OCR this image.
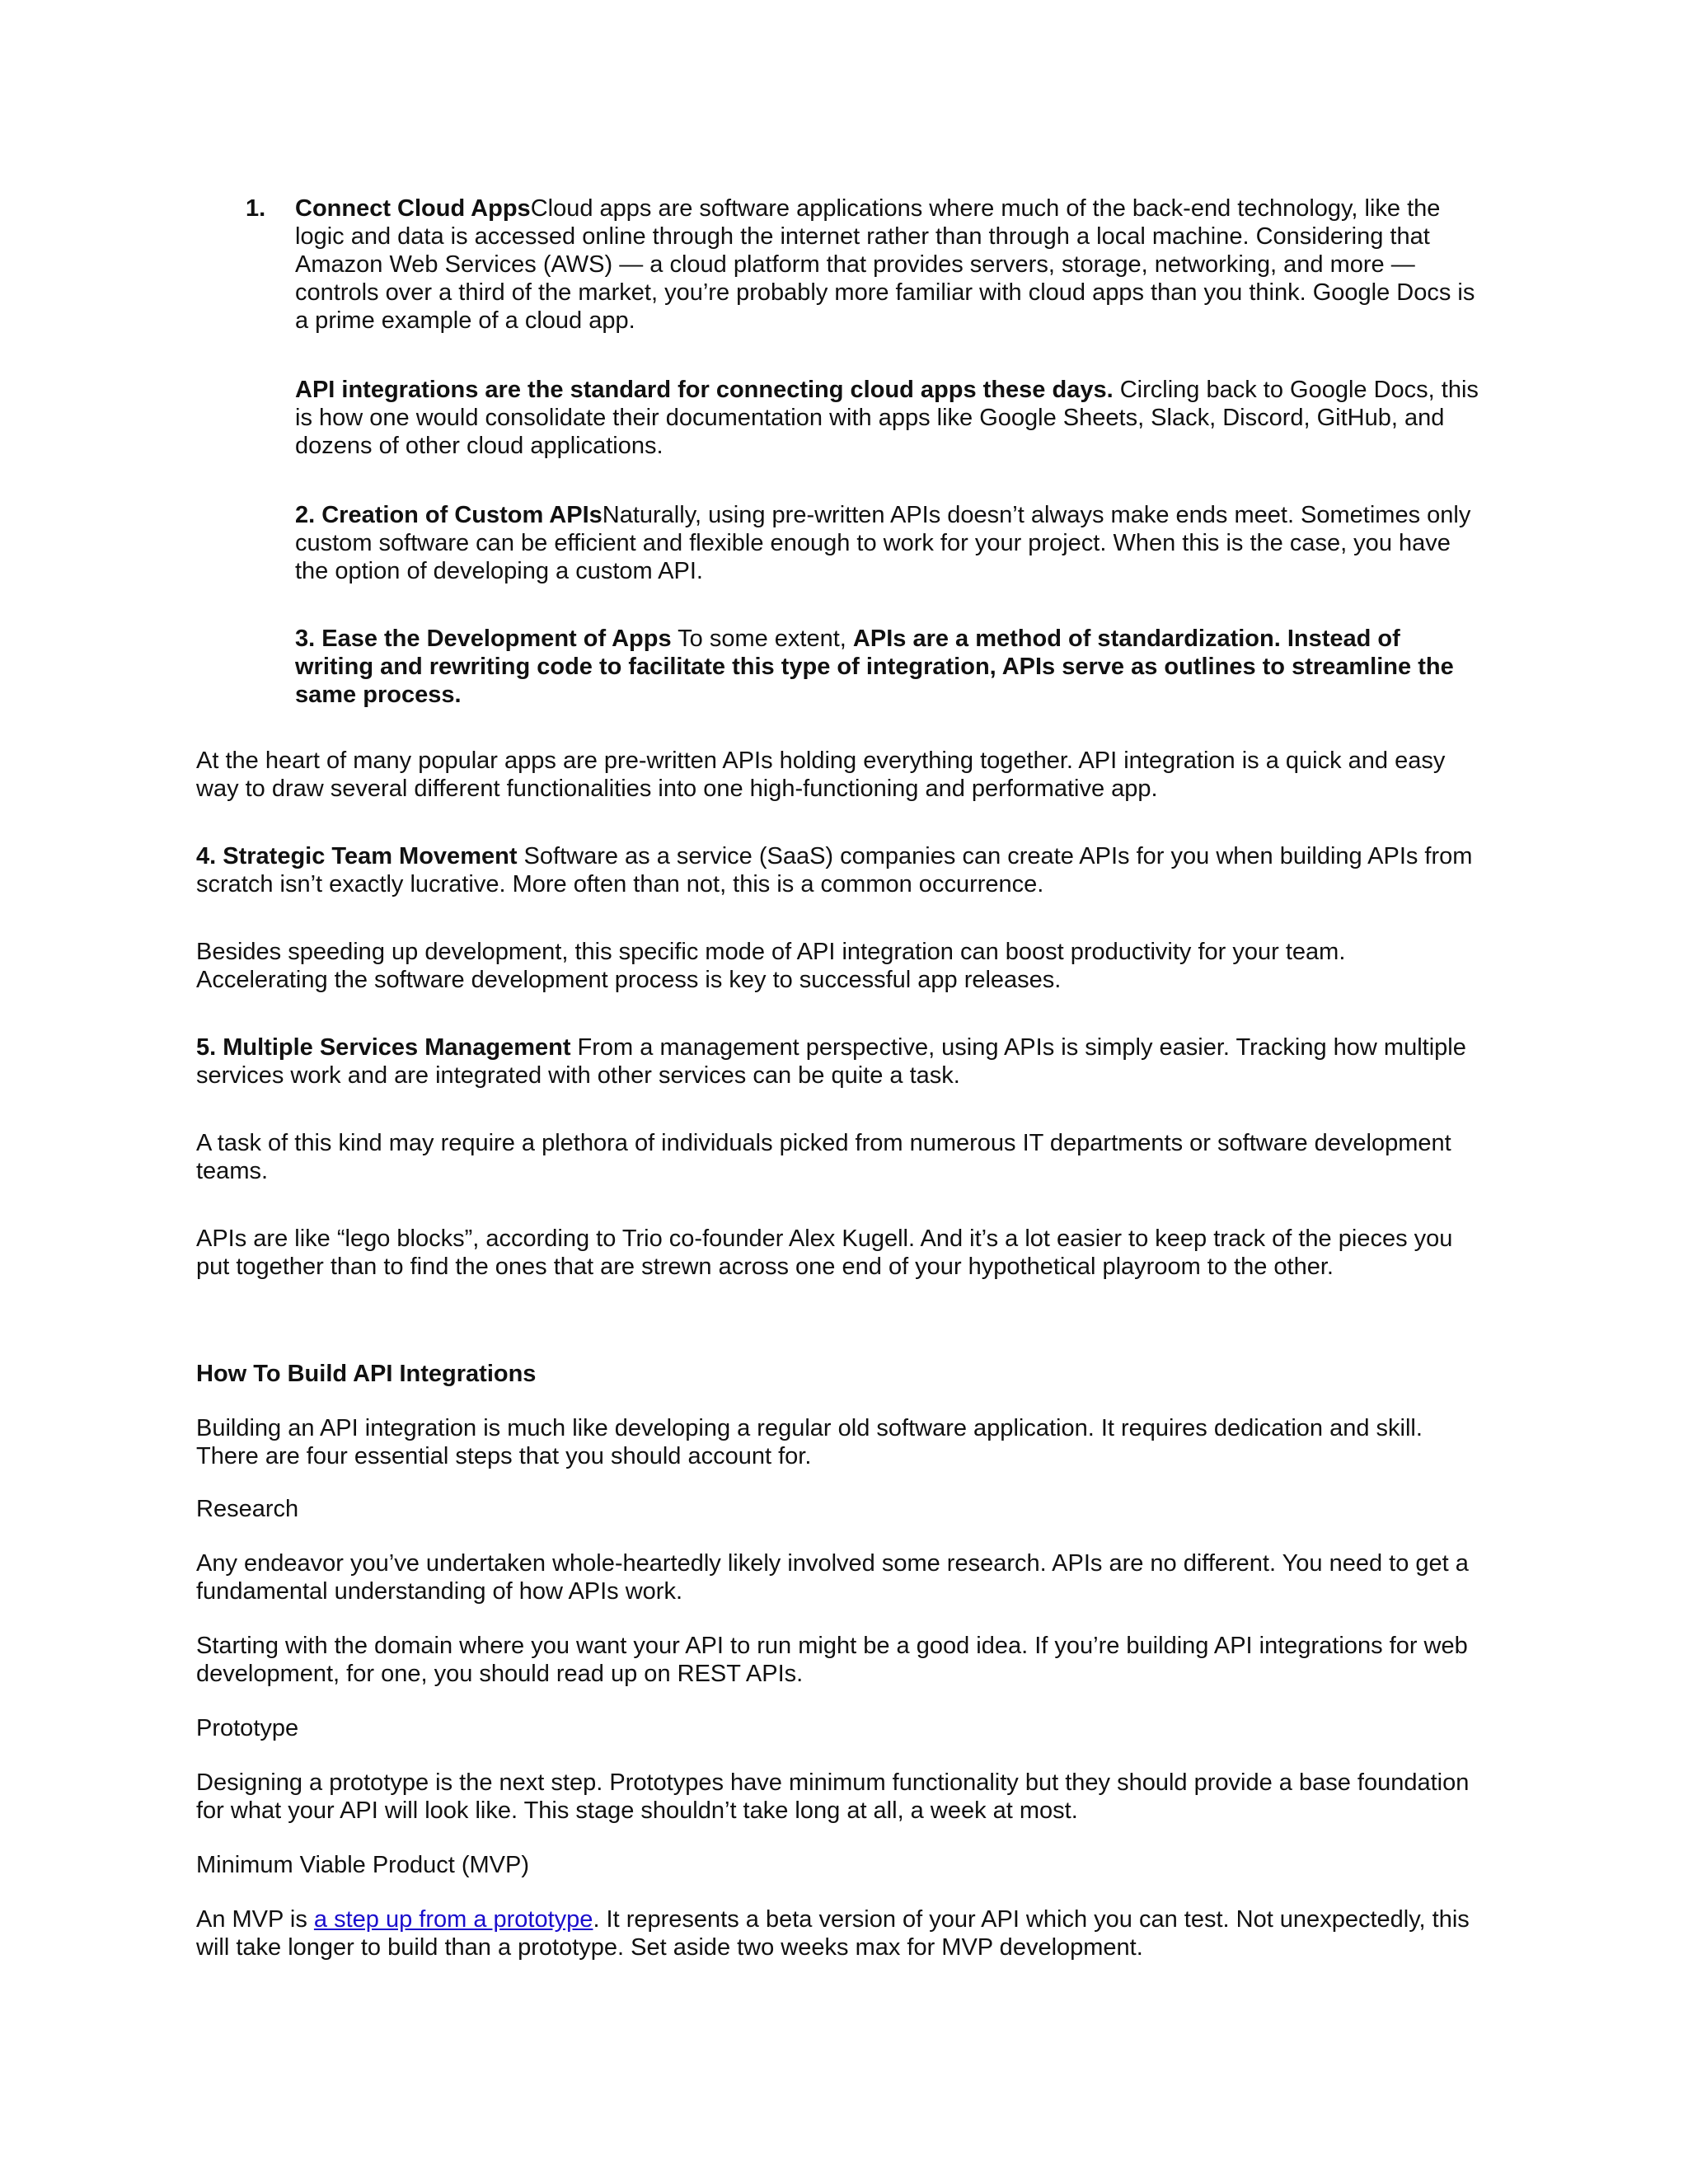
1. Connect Cloud AppsCloud apps are software applications where much of the back-end technology, like the logic and data is accessed online through the internet rather than through a local machine. Considering that Amazon Web Services (AWS) — a cloud platform that provides servers, storage, networking, and more — controls over a third of the market, you’re probably more familiar with cloud apps than you think. Google Docs is a prime example of a cloud app.

API integrations are the standard for connecting cloud apps these days. Circling back to Google Docs, this is how one would consolidate their documentation with apps like Google Sheets, Slack, Discord, GitHub, and dozens of other cloud applications.

2. Creation of Custom APIsNaturally, using pre-written APIs doesn’t always make ends meet. Sometimes only custom software can be efficient and flexible enough to work for your project. When this is the case, you have the option of developing a custom API.

3. Ease the Development of Apps To some extent, APIs are a method of standardization. Instead of writing and rewriting code to facilitate this type of integration, APIs serve as outlines to streamline the same process.

At the heart of many popular apps are pre-written APIs holding everything together. API integration is a quick and easy way to draw several different functionalities into one high-functioning and performative app.

4. Strategic Team Movement Software as a service (SaaS) companies can create APIs for you when building APIs from scratch isn’t exactly lucrative. More often than not, this is a common occurrence.

Besides speeding up development, this specific mode of API integration can boost productivity for your team. Accelerating the software development process is key to successful app releases.

5. Multiple Services Management From a management perspective, using APIs is simply easier. Tracking how multiple services work and are integrated with other services can be quite a task.

A task of this kind may require a plethora of individuals picked from numerous IT departments or software development teams.

APIs are like “lego blocks”, according to Trio co-founder Alex Kugell. And it’s a lot easier to keep track of the pieces you put together than to find the ones that are strewn across one end of your hypothetical playroom to the other.

How To Build API Integrations

Building an API integration is much like developing a regular old software application. It requires dedication and skill. There are four essential steps that you should account for.

Research

Any endeavor you’ve undertaken whole-heartedly likely involved some research. APIs are no different. You need to get a fundamental understanding of how APIs work.

Starting with the domain where you want your API to run might be a good idea. If you’re building API integrations for web development, for one, you should read up on REST APIs.

Prototype

Designing a prototype is the next step. Prototypes have minimum functionality but they should provide a base foundation for what your API will look like. This stage shouldn’t take long at all, a week at most.

Minimum Viable Product (MVP)

An MVP is a step up from a prototype. It represents a beta version of your API which you can test. Not unexpectedly, this will take longer to build than a prototype. Set aside two weeks max for MVP development.
